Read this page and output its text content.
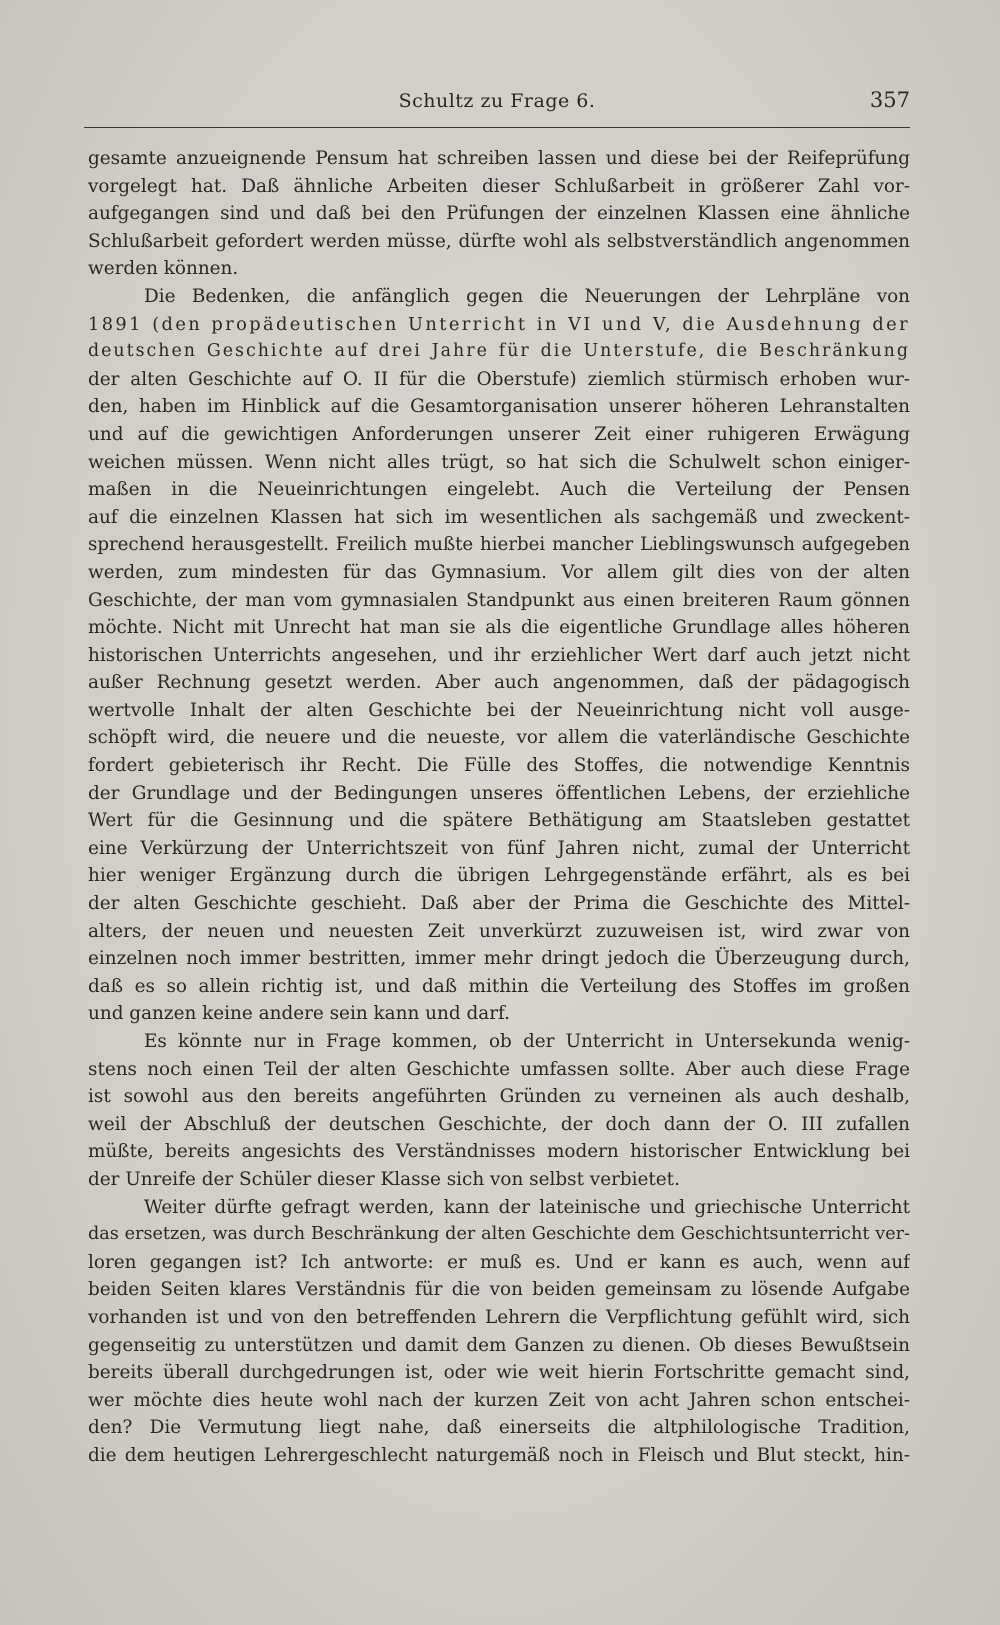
Schultz zu Frage 6.	357
gesamte anzueignende Pensum hat schreiben lassen und diese bei der Reifeprüfung
vorgelegt hat. Daß ähnliche Arbeiten dieser Schlußarbeit in größerer Zahl vor-
aufgegangen sind und daß bei den Prüfungen der einzelnen Klassen eine ähnliche
Schlußarbeit gefordert werden müsse, dürfte wohl als selbstverständlich angenommen
werden können.
Die Bedenken, die anfänglich gegen die Neuerungen der Lehrpläne von
1891 (den propädeutischen Unterricht in VI und V, die Ausdehnung der
deutschen Geschichte auf drei Jahre für die Unterstufe, die Beschränkung
der alten Geschichte auf O. II für die Oberstufe) ziemlich stürmisch erhoben wur-
den, haben im Hinblick auf die Gesamtorganisation unserer höheren Lehranstalten
und auf die gewichtigen Anforderungen unserer Zeit einer ruhigeren Erwägung
weichen müssen. Wenn nicht alles trügt, so hat sich die Schulwelt schon einiger-
maßen in die Neueinrichtungen eingelebt. Auch die Verteilung der Pensen
auf die einzelnen Klassen hat sich im wesentlichen als sachgemäß und zweckent-
sprechend herausgestellt. Freilich mußte hierbei mancher Lieblingswunsch aufgegeben
werden, zum mindesten für das Gymnasium. Vor allem gilt dies von der alten
Geschichte, der man vom gymnasialen Standpunkt aus einen breiteren Raum gönnen
möchte. Nicht mit Unrecht hat man sie als die eigentliche Grundlage alles höheren
historischen Unterrichts angesehen, und ihr erziehlicher Wert darf auch jetzt nicht
außer Rechnung gesetzt werden. Aber auch angenommen, daß der pädagogisch
wertvolle Inhalt der alten Geschichte bei der Neueinrichtung nicht voll ausge-
schöpft wird, die neuere und die neueste, vor allem die vaterländische Geschichte
fordert gebieterisch ihr Recht. Die Fülle des Stoffes, die notwendige Kenntnis
der Grundlage und der Bedingungen unseres öffentlichen Lebens, der erziehliche
Wert für die Gesinnung und die spätere Bethätigung am Staatsleben gestattet
eine Verkürzung der Unterrichtszeit von fünf Jahren nicht, zumal der Unterricht
hier weniger Ergänzung durch die übrigen Lehrgegenstände erfährt, als es bei
der alten Geschichte geschieht. Daß aber der Prima die Geschichte des Mittel-
alters, der neuen und neuesten Zeit unverkürzt zuzuweisen ist, wird zwar von
einzelnen noch immer bestritten, immer mehr dringt jedoch die Überzeugung durch,
daß es so allein richtig ist, und daß mithin die Verteilung des Stoffes im großen
und ganzen keine andere sein kann und darf.
Es könnte nur in Frage kommen, ob der Unterricht in Untersekunda wenig-
stens noch einen Teil der alten Geschichte umfassen sollte. Aber auch diese Frage
ist sowohl aus den bereits angeführten Gründen zu verneinen als auch deshalb,
weil der Abschluß der deutschen Geschichte, der doch dann der O. III zufallen
müßte, bereits angesichts des Verständnisses modern historischer Entwicklung bei
der Unreife der Schüler dieser Klasse sich von selbst verbietet.
Weiter dürfte gefragt werden, kann der lateinische und griechische Unterricht
das ersetzen, was durch Beschränkung der alten Geschichte dem Geschichtsunterricht ver-
loren gegangen ist? Ich antworte: er muß es. Und er kann es auch, wenn auf
beiden Seiten klares Verständnis für die von beiden gemeinsam zu lösende Aufgabe
vorhanden ist und von den betreffenden Lehrern die Verpflichtung gefühlt wird, sich
gegenseitig zu unterstützen und damit dem Ganzen zu dienen. Ob dieses Bewußtsein
bereits überall durchgedrungen ist, oder wie weit hierin Fortschritte gemacht sind,
wer möchte dies heute wohl nach der kurzen Zeit von acht Jahren schon entschei-
den? Die Vermutung liegt nahe, daß einerseits die altphilologische Tradition,
die dem heutigen Lehrergeschlecht naturgemäß noch in Fleisch und Blut steckt, hin-
